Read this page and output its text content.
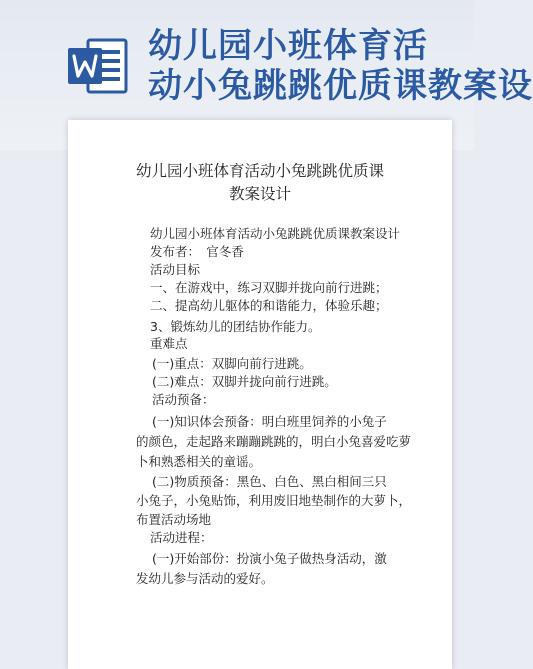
幼儿园小班体育活
动小兔跳跳优质课教案设
幼儿园小班体育活动小兔跳跳优质课
教案设计
幼儿园小班体育活动小兔跳跳优质课教案设计
发布者：　官冬香
活动目标
一、在游戏中，练习双脚并拢向前行进跳；
二、提高幼儿躯体的和谐能力，体验乐趣；
3、锻炼幼儿的团结协作能力。
重难点
(一)重点：双脚向前行进跳。
(二)难点：双脚并拢向前行进跳。
活动预备：
(一)知识体会预备：明白班里饲养的小兔子
的颜色，走起路来蹦蹦跳跳的，明白小兔喜爱吃萝
卜和熟悉相关的童谣。
(二)物质预备：黑色、白色、黑白相间三只
小兔子，小兔贴饰，利用废旧地垫制作的大萝卜，
布置活动场地
活动进程：
(一)开始部份：扮演小兔子做热身活动，激
发幼儿参与活动的爱好。
